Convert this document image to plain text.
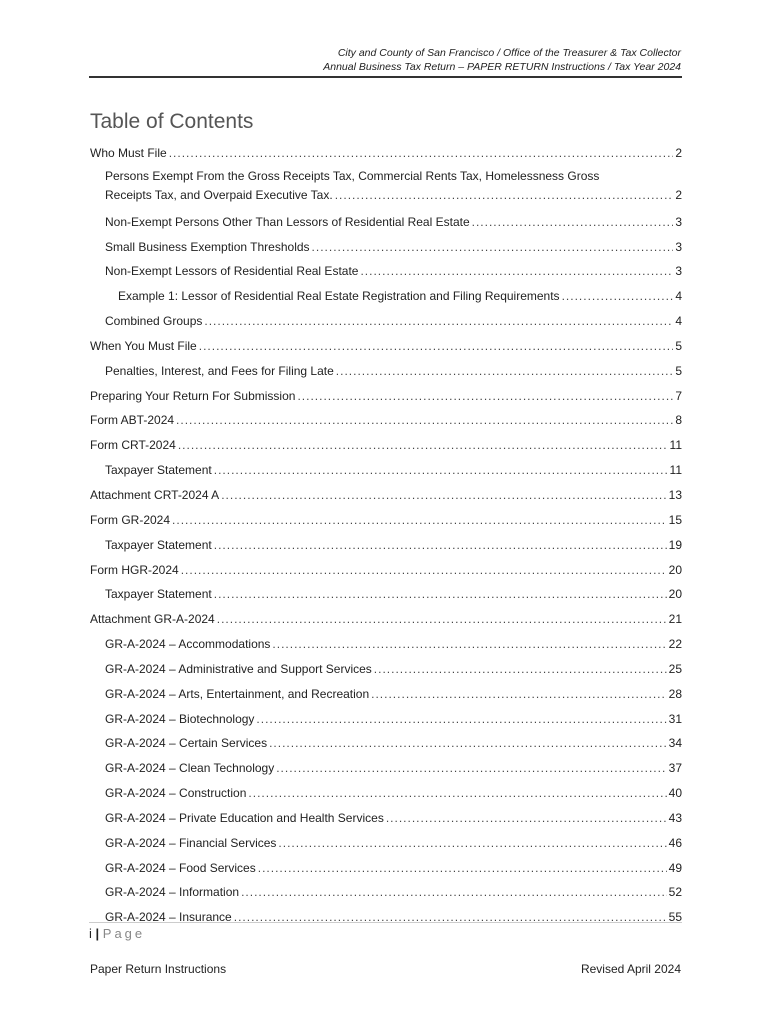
City and County of San Francisco / Office of the Treasurer & Tax Collector
Annual Business Tax Return – PAPER RETURN Instructions / Tax Year 2024
Table of Contents
Who Must File .....	2
Persons Exempt From the Gross Receipts Tax, Commercial Rents Tax, Homelessness Gross
Receipts Tax, and Overpaid Executive Tax. .....	2
Non-Exempt Persons Other Than Lessors of Residential Real Estate .....	3
Small Business Exemption Thresholds .....	3
Non-Exempt Lessors of Residential Real Estate .....	3
Example 1: Lessor of Residential Real Estate Registration and Filing Requirements .....	4
Combined Groups .....	4
When You Must File .....	5
Penalties, Interest, and Fees for Filing Late .....	5
Preparing Your Return For Submission .....	7
Form ABT-2024 .....	8
Form CRT-2024 .....	11
Taxpayer Statement .....	11
Attachment CRT-2024 A .....	13
Form GR-2024 .....	15
Taxpayer Statement .....	19
Form HGR-2024 .....	20
Taxpayer Statement .....	20
Attachment GR-A-2024 .....	21
GR-A-2024 – Accommodations .....	22
GR-A-2024 – Administrative and Support Services .....	25
GR-A-2024 – Arts, Entertainment, and Recreation .....	28
GR-A-2024 – Biotechnology .....	31
GR-A-2024 – Certain Services .....	34
GR-A-2024 – Clean Technology .....	37
GR-A-2024 – Construction .....	40
GR-A-2024 – Private Education and Health Services .....	43
GR-A-2024 – Financial Services .....	46
GR-A-2024 – Food Services .....	49
GR-A-2024 – Information .....	52
GR-A-2024 – Insurance .....	55
i | Page
Paper Return Instructions	Revised April 2024
